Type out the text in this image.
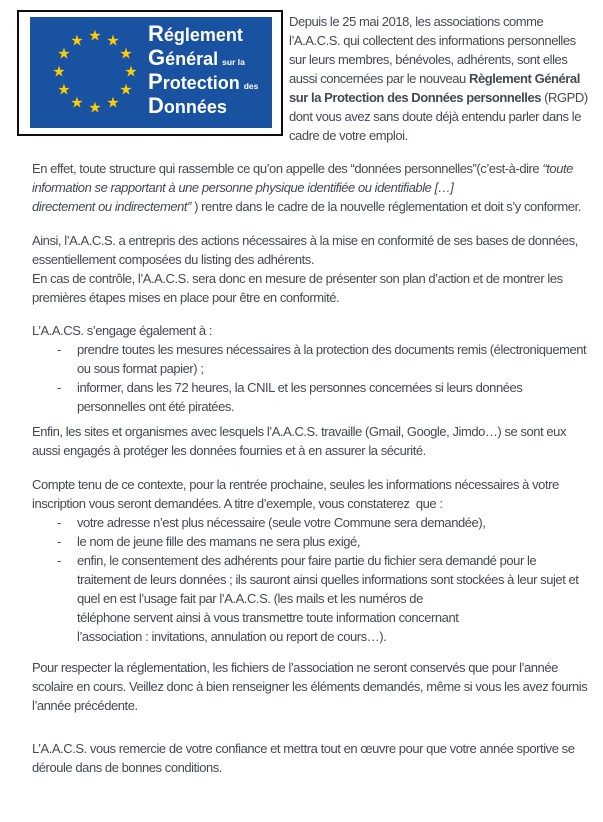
★ ★
★
★
★
★
★
★
★
★
★
★	Réglement
Général sur la
Protection des
Données

Depuis le 25 mai 2018, les associations comme l’A.A.C.S. qui collectent des informations personnelles sur leurs membres, bénévoles, adhérents, sont elles aussi concernées par le nouveau Règlement Général sur la Protection des Données personnelles (RGPD) dont vous avez sans doute déjà entendu parler dans le cadre de votre emploi.

En effet, toute structure qui rassemble ce qu’on appelle des “données personnelles”(c’est-à-dire “toute information se rapportant à une personne physique identifiée ou identifiable […]
directement ou indirectement” ) rentre dans le cadre de la nouvelle réglementation et doit s’y conformer.

Ainsi, l’A.A.C.S. a entrepris des actions nécessaires à la mise en conformité de ses bases de données, essentiellement composées du listing des adhérents.
En cas de contrôle, l’A.A.C.S. sera donc en mesure de présenter son plan d’action et de montrer les premières étapes mises en place pour être en conformité.

L’A.A.CS. s’engage également à :

- prendre toutes les mesures nécessaires à la protection des documents remis (électroniquement ou sous format papier) ;
- informer, dans les 72 heures, la CNIL et les personnes concernées si leurs données personnelles ont été piratées.

Enfin, les sites et organismes avec lesquels l’A.A.C.S. travaille (Gmail, Google, Jimdo…) se sont eux aussi engagés à protéger les données fournies et à en assurer la sécurité.

Compte tenu de ce contexte, pour la rentrée prochaine, seules les informations nécessaires à votre inscription vous seront demandées. A titre d’exemple, vous constaterez  que :

- votre adresse n’est plus nécessaire (seule votre Commune sera demandée),
- le nom de jeune fille des mamans ne sera plus exigé,
- enfin, le consentement des adhérents pour faire partie du fichier sera demandé pour le traitement de leurs données ; ils sauront ainsi quelles informations sont stockées à leur sujet et quel en est l’usage fait par l’A.A.C.S. (les mails et les numéros de
téléphone servent ainsi à vous transmettre toute information concernant
l’association : invitations, annulation ou report de cours…).

Pour respecter la réglementation, les fichiers de l’association ne seront conservés que pour l’année scolaire en cours. Veillez donc à bien renseigner les éléments demandés, même si vous les avez fournis l’année précédente.

L’A.A.C.S. vous remercie de votre confiance et mettra tout en œuvre pour que votre année sportive se déroule dans de bonnes conditions.
